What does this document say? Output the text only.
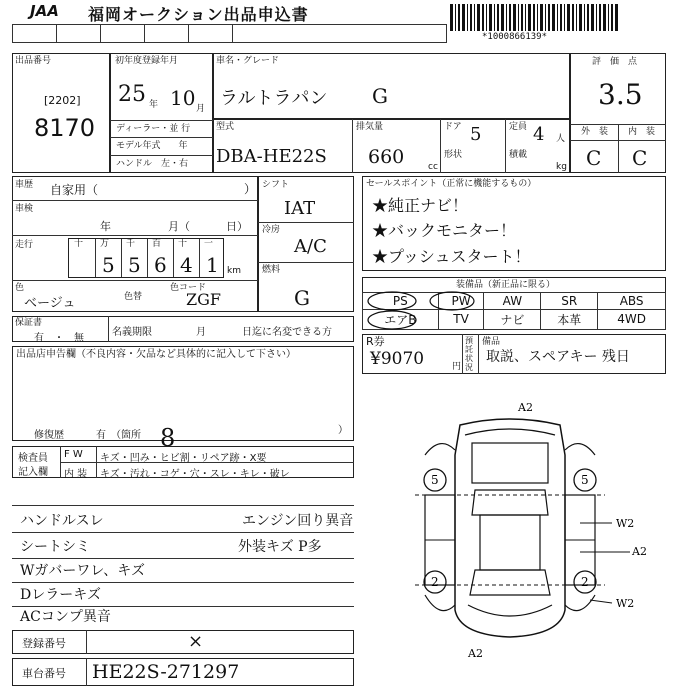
JAA 福岡オークション出品申込書
*1000866139*
出品番号
[2202]
8170
初年度登録年月
25 10
年	月
ディーラー・並 行
モデル年式　　年
ハンドル　左・右
車名・グレード
ラルトラパン G
型式
DBA-HE22S
排気量
660	cc
ドア 5
形状
定員 4 人
積載
kg
評　価　点
3.5
外　装 内　装
C C
車歴 自家用（	）
車検
年	月（	日）
走行	十 万 千 百 十 一
5 5 6 4 1 km
色
ベージュ	色替
色コード
ZGF
シフト
IAT
冷房
A/C
燃料
G
セールスポイント（正常に機能するもの）
★純正ナビ！
★バックモニター！
★プッシュスタート！
装備品（新正品に限る）
PS	PW	AW	SR	ABS
エアB	TV	ナビ	本革	4WD
保証書
有　・　無
名義期限	月	日迄に名変できる方
R券
¥9070	円
預託状況
備品
取説、スペアキー 残日
出品店申告欄（不良内容・欠品など具体的に記入して下さい）
修復歴	有　（箇所 8	）
検査員
記入欄
F W
内 装
キズ・凹み・ヒビ割・リペア跡・X要
キズ・汚れ・コゲ・穴・スレ・キレ・破レ
ハンドルスレ
シートシミ
Wガバーワレ、キズ
Dレラーキズ
ACコンプ異音
エンジン回り異音
外装キズ P多
登録番号	×
車台番号 HE22S-271297
A2
5	5
2	2
W2
A2
W2
A2
